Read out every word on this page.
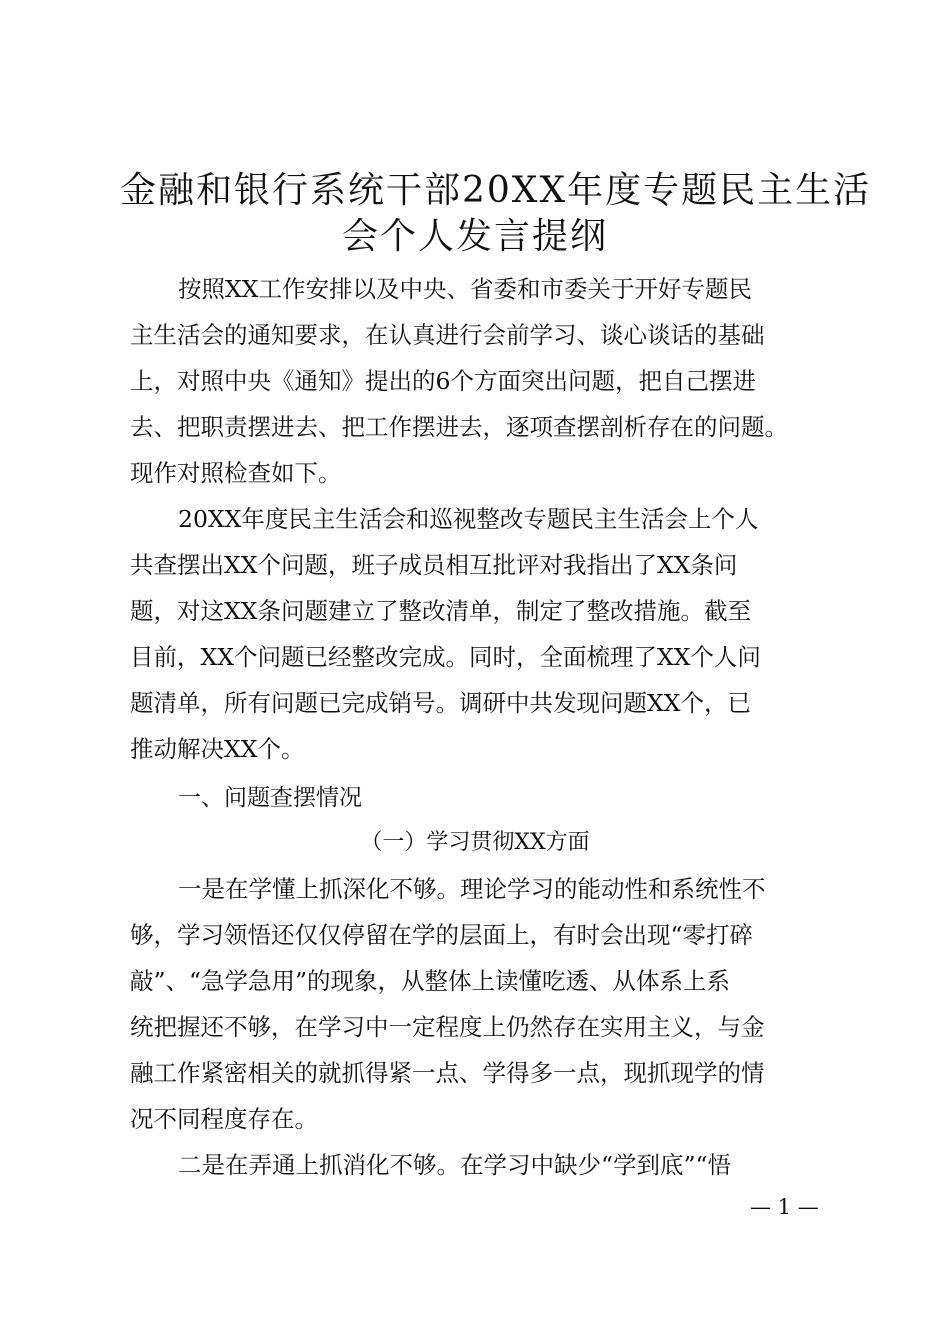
金融和银行系统干部20XX年度专题民主生活
会个人发言提纲
按照XX工作安排以及中央、省委和市委关于开好专题民
主生活会的通知要求，在认真进行会前学习、谈心谈话的基础
上，对照中央《通知》提出的6个方面突出问题，把自己摆进
去、把职责摆进去、把工作摆进去，逐项查摆剖析存在的问题。
现作对照检查如下。
20XX年度民主生活会和巡视整改专题民主生活会上个人
共查摆出XX个问题，班子成员相互批评对我指出了XX条问
题，对这XX条问题建立了整改清单，制定了整改措施。截至
目前，XX个问题已经整改完成。同时，全面梳理了XX个人问
题清单，所有问题已完成销号。调研中共发现问题XX个，已
推动解决XX个。
一、问题查摆情况
（一）学习贯彻XX方面
一是在学懂上抓深化不够。理论学习的能动性和系统性不
够，学习领悟还仅仅停留在学的层面上，有时会出现“零打碎
敲”、“急学急用”的现象，从整体上读懂吃透、从体系上系
统把握还不够，在学习中一定程度上仍然存在实用主义，与金
融工作紧密相关的就抓得紧一点、学得多一点，现抓现学的情
况不同程度存在。
二是在弄通上抓消化不够。在学习中缺少“学到底”“悟
— 1 —
